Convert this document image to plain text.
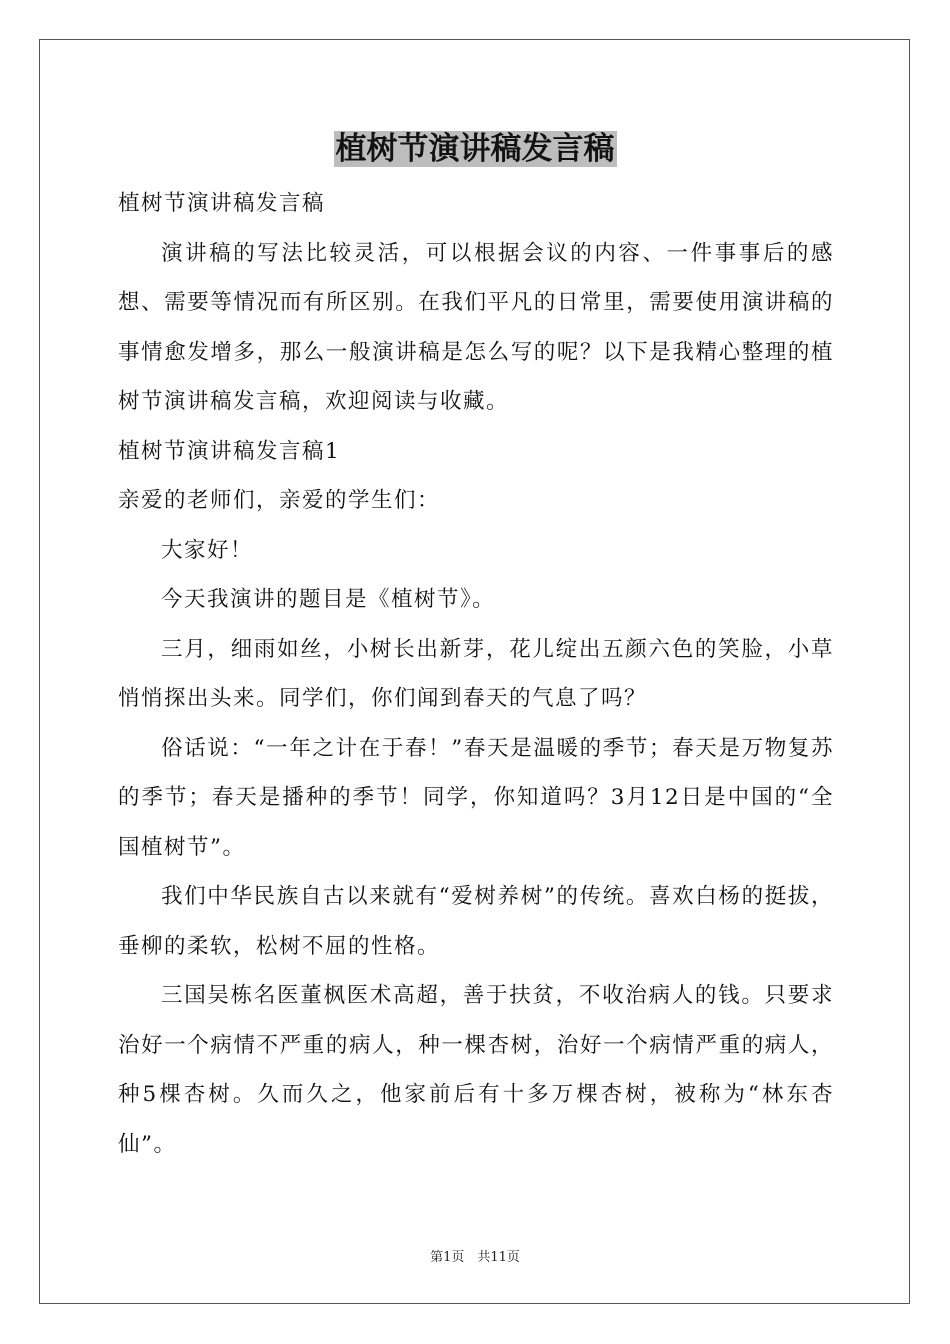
植树节演讲稿发言稿

植树节演讲稿发言稿

演讲稿的写法比较灵活，可以根据会议的内容、一件事事后的感想、需要等情况而有所区别。在我们平凡的日常里，需要使用演讲稿的事情愈发增多，那么一般演讲稿是怎么写的呢？以下是我精心整理的植树节演讲稿发言稿，欢迎阅读与收藏。

植树节演讲稿发言稿1

亲爱的老师们，亲爱的学生们：

大家好！

今天我演讲的题目是《植树节》。

三月，细雨如丝，小树长出新芽，花儿绽出五颜六色的笑脸，小草悄悄探出头来。同学们，你们闻到春天的气息了吗？

俗话说：“一年之计在于春！”春天是温暖的季节；春天是万物复苏的季节；春天是播种的季节！同学，你知道吗？3月12日是中国的“全国植树节”。

我们中华民族自古以来就有“爱树养树”的传统。喜欢白杨的挺拔，垂柳的柔软，松树不屈的性格。

三国吴栋名医董枫医术高超，善于扶贫，不收治病人的钱。只要求治好一个病情不严重的病人，种一棵杏树，治好一个病情严重的病人，种5棵杏树。久而久之，他家前后有十多万棵杏树，被称为“林东杏仙”。

第1页　共11页
